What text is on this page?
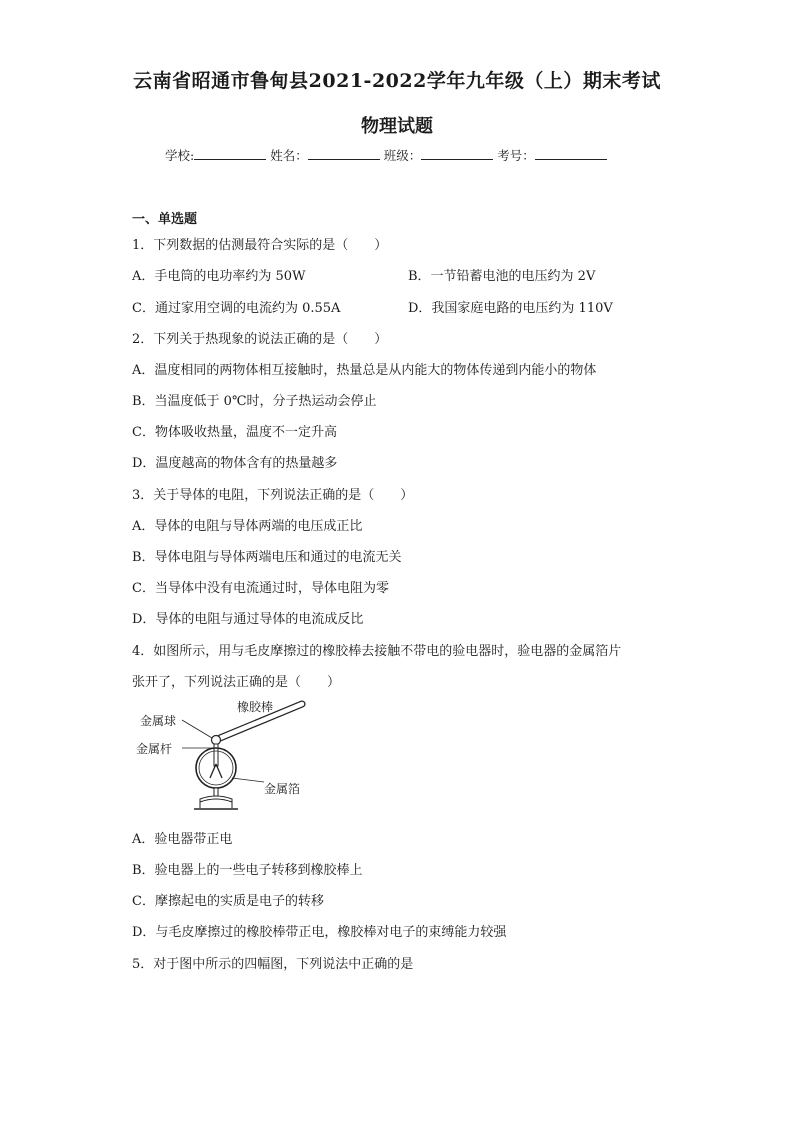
云南省昭通市鲁甸县2021-2022学年九年级（上）期末考试
物理试题
学校:	姓名：	班级：	考号：
一、单选题
1．下列数据的估测最符合实际的是（　　）
A．手电筒的电功率约为 50W	B．一节铅蓄电池的电压约为 2V
C．通过家用空调的电流约为 0.55A	D．我国家庭电路的电压约为 110V
2．下列关于热现象的说法正确的是（　　）
A．温度相同的两物体相互接触时，热量总是从内能大的物体传递到内能小的物体
B．当温度低于 0℃时，分子热运动会停止
C．物体吸收热量，温度不一定升高
D．温度越高的物体含有的热量越多
3．关于导体的电阻，下列说法正确的是（　　）
A．导体的电阻与导体两端的电压成正比
B．导体电阻与导体两端电压和通过的电流无关
C．当导体中没有电流通过时，导体电阻为零
D．导体的电阻与通过导体的电流成反比
4．如图所示，用与毛皮摩擦过的橡胶棒去接触不带电的验电器时，验电器的金属箔片
张开了，下列说法正确的是（　　）
橡胶棒
金属球
金属杆
金属箔
A．验电器带正电
B．验电器上的一些电子转移到橡胶棒上
C．摩擦起电的实质是电子的转移
D．与毛皮摩擦过的橡胶棒带正电，橡胶棒对电子的束缚能力较强
5．对于图中所示的四幅图，下列说法中正确的是
